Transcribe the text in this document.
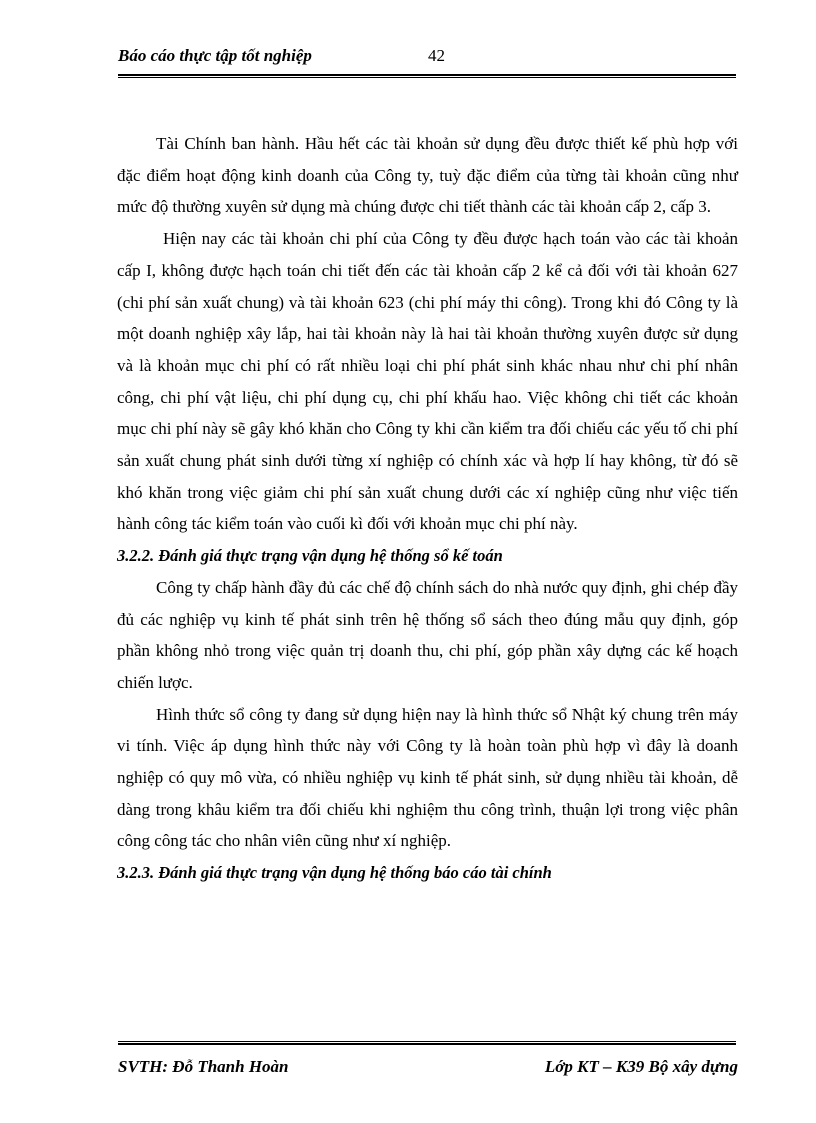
Báo cáo thực tập tốt nghiệp	42

Tài Chính ban hành. Hầu hết các tài khoản sử dụng đều được thiết kế phù hợp với đặc điểm hoạt động kinh doanh của Công ty, tuỳ đặc điểm của từng tài khoản cũng như mức độ thường xuyên sử dụng mà chúng được chi tiết thành các tài khoản cấp 2, cấp 3.

Hiện nay các tài khoản chi phí của Công ty đều được hạch toán vào các tài khoản cấp I, không được hạch toán chi tiết đến các tài khoản cấp 2 kể cả đối với tài khoản 627 (chi phí sản xuất chung) và tài khoản 623 (chi phí máy thi công). Trong khi đó Công ty là một doanh nghiệp xây lắp, hai tài khoản này là hai tài khoản thường xuyên được sử dụng và là khoản mục chi phí có rất nhiều loại chi phí phát sinh khác nhau như chi phí nhân công, chi phí vật liệu, chi phí dụng cụ, chi phí khấu hao. Việc không chi tiết các khoản mục chi phí này sẽ gây khó khăn cho Công ty khi cần kiểm tra đối chiếu các yếu tố chi phí sản xuất chung phát sinh dưới từng xí nghiệp có chính xác và hợp lí hay không, từ đó sẽ khó khăn trong việc giảm chi phí sản xuất chung dưới các xí nghiệp cũng như việc tiến hành công tác kiểm toán vào cuối kì đối với khoản mục chi phí này.

3.2.2. Đánh giá thực trạng vận dụng hệ thống sổ kế toán

Công ty chấp hành đầy đủ các chế độ chính sách do nhà nước quy định, ghi chép đầy đủ các nghiệp vụ kinh tế phát sinh trên hệ thống sổ sách theo đúng mẫu quy định, góp phần không nhỏ trong việc quản trị doanh thu, chi phí, góp phần xây dựng các kế hoạch chiến lược.

Hình thức sổ công ty đang sử dụng hiện nay là hình thức sổ Nhật ký chung trên máy vi tính. Việc áp dụng hình thức này với Công ty là hoàn toàn phù hợp vì đây là doanh nghiệp có quy mô vừa, có nhiều nghiệp vụ kinh tế phát sinh, sử dụng nhiều tài khoản, dễ dàng trong khâu kiểm tra đối chiếu khi nghiệm thu công trình, thuận lợi trong việc phân công công tác cho nhân viên cũng như xí nghiệp.

3.2.3. Đánh giá thực trạng vận dụng hệ thống báo cáo tài chính

SVTH: Đỗ Thanh Hoàn	Lớp KT – K39 Bộ xây dựng
